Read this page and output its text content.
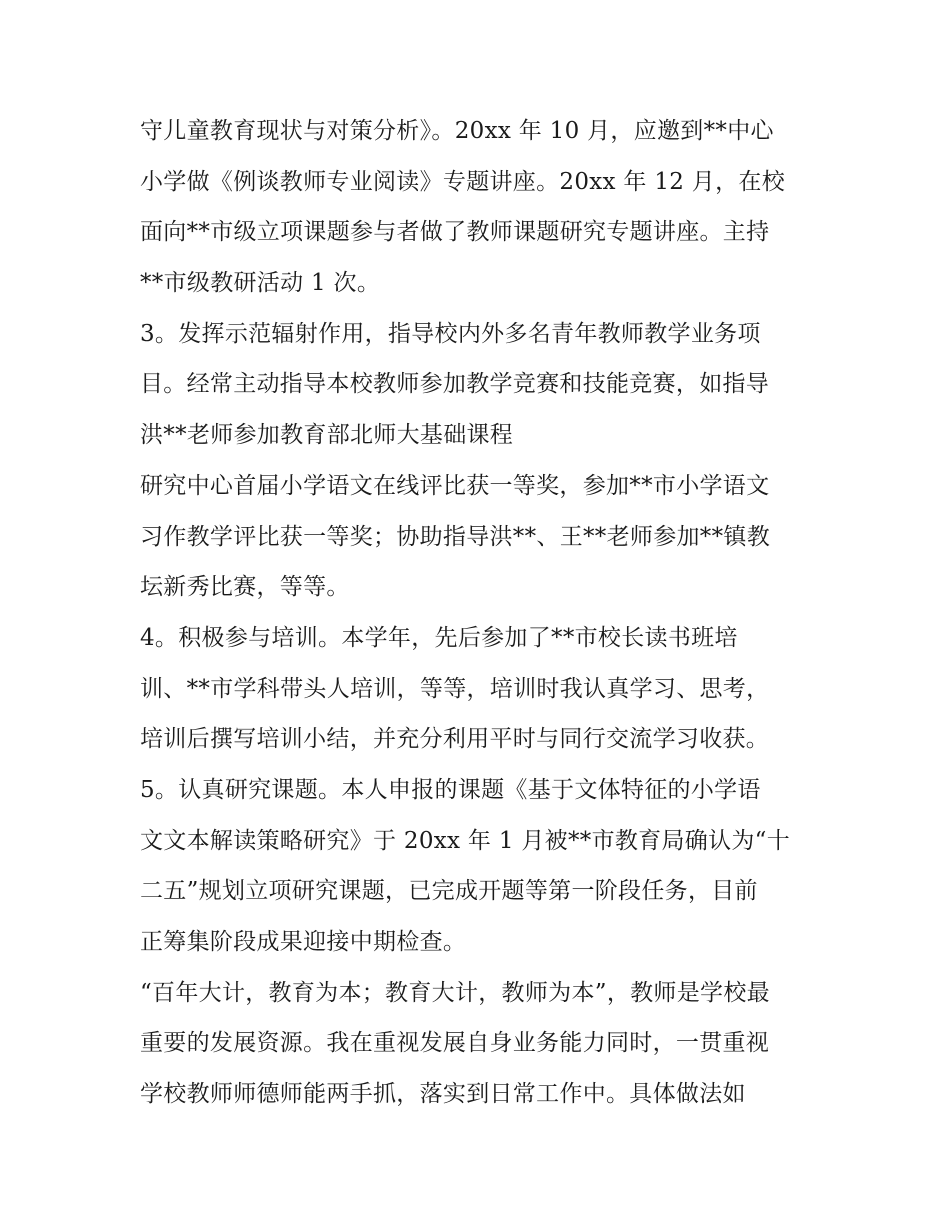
守儿童教育现状与对策分析》。20xx 年 10 月，应邀到**中心
小学做《例谈教师专业阅读》专题讲座。20xx 年 12 月，在校
面向**市级立项课题参与者做了教师课题研究专题讲座。主持
**市级教研活动 1 次。
3。发挥示范辐射作用，指导校内外多名青年教师教学业务项
目。经常主动指导本校教师参加教学竞赛和技能竞赛，如指导
洪**老师参加教育部北师大基础课程
研究中心首届小学语文在线评比获一等奖，参加**市小学语文
习作教学评比获一等奖；协助指导洪**、王**老师参加**镇教
坛新秀比赛，等等。
4。积极参与培训。本学年，先后参加了**市校长读书班培
训、**市学科带头人培训，等等，培训时我认真学习、思考，
培训后撰写培训小结，并充分利用平时与同行交流学习收获。
5。认真研究课题。本人申报的课题《基于文体特征的小学语
文文本解读策略研究》于 20xx 年 1 月被**市教育局确认为“十
二五”规划立项研究课题，已完成开题等第一阶段任务，目前
正筹集阶段成果迎接中期检查。
“百年大计，教育为本；教育大计，教师为本”，教师是学校最
重要的发展资源。我在重视发展自身业务能力同时，一贯重视
学校教师师德师能两手抓，落实到日常工作中。具体做法如
